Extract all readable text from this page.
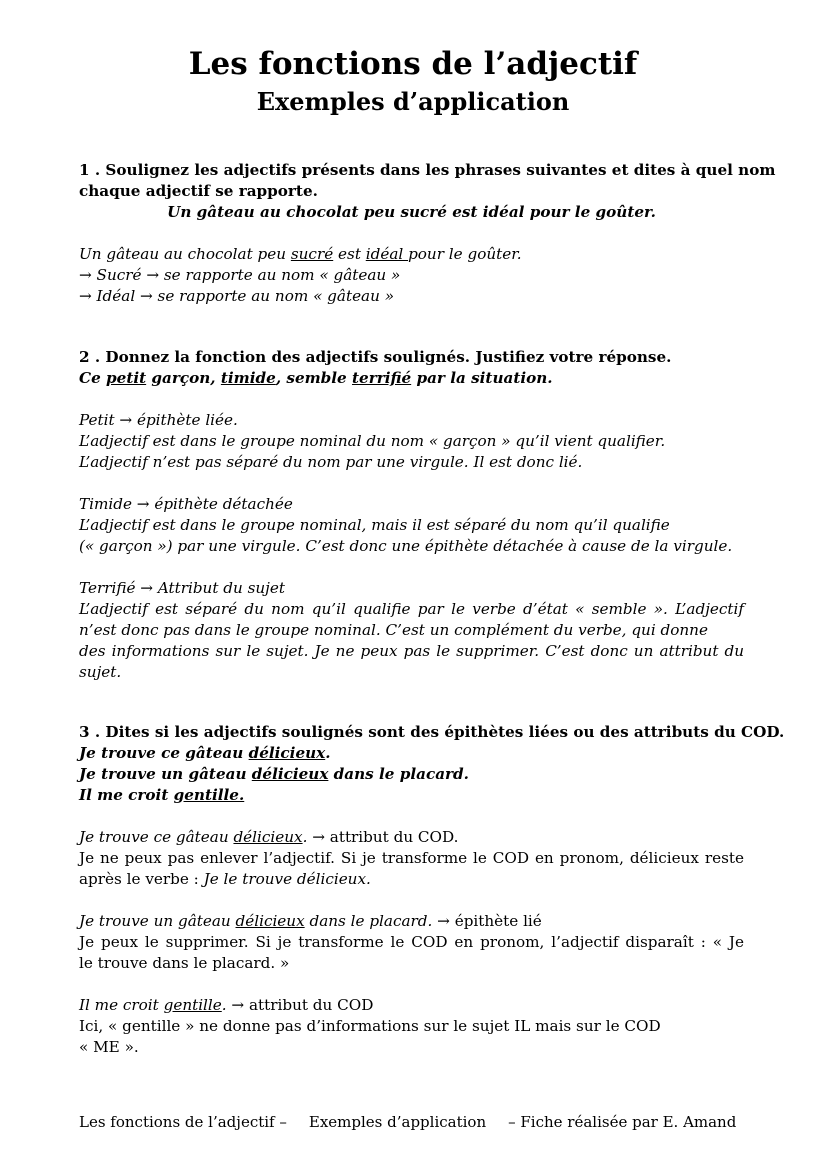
Les fonctions de l’adjectif
Exemples d’application
1 . Soulignez les adjectifs présents dans les phrases suivantes et dites à quel nom
chaque adjectif se rapporte.
Un gâteau au chocolat peu sucré est idéal pour le goûter.
Un gâteau au chocolat peu sucré est idéal pour le goûter.
→ Sucré → se rapporte au nom « gâteau »
→ Idéal → se rapporte au nom « gâteau »
2 . Donnez la fonction des adjectifs soulignés. Justifiez votre réponse.
Ce petit garçon, timide, semble terrifié par la situation.
Petit → épithète liée.
L’adjectif est dans le groupe nominal du nom « garçon » qu’il vient qualifier.
L’adjectif n’est pas séparé du nom par une virgule. Il est donc lié.
Timide → épithète détachée
L’adjectif est dans le groupe nominal, mais il est séparé du nom qu’il qualifie
(« garçon ») par une virgule. C’est donc une épithète détachée à cause de la virgule.
Terrifié → Attribut du sujet
L’adjectif est séparé du nom qu’il qualifie par le verbe d’état « semble ». L’adjectif
n’est donc pas dans le groupe nominal. C’est un complément du verbe, qui donne
des informations sur le sujet. Je ne peux pas le supprimer. C’est donc un attribut du
sujet.
3 . Dites si les adjectifs soulignés sont des épithètes liées ou des attributs du COD.
Je trouve ce gâteau délicieux.
Je trouve un gâteau délicieux dans le placard.
Il me croit gentille.
Je trouve ce gâteau délicieux. → attribut du COD.
Je ne peux pas enlever l’adjectif. Si je transforme le COD en pronom, délicieux reste
après le verbe : Je le trouve délicieux.
Je trouve un gâteau délicieux dans le placard. → épithète lié
Je peux le supprimer. Si je transforme le COD en pronom, l’adjectif disparaît : « Je
le trouve dans le placard. »
Il me croit gentille. → attribut du COD
Ici, « gentille » ne donne pas d’informations sur le sujet IL mais sur le COD
« ME ».
Les fonctions de l’adjectif – Exemples d’application – Fiche réalisée par E. Amand
